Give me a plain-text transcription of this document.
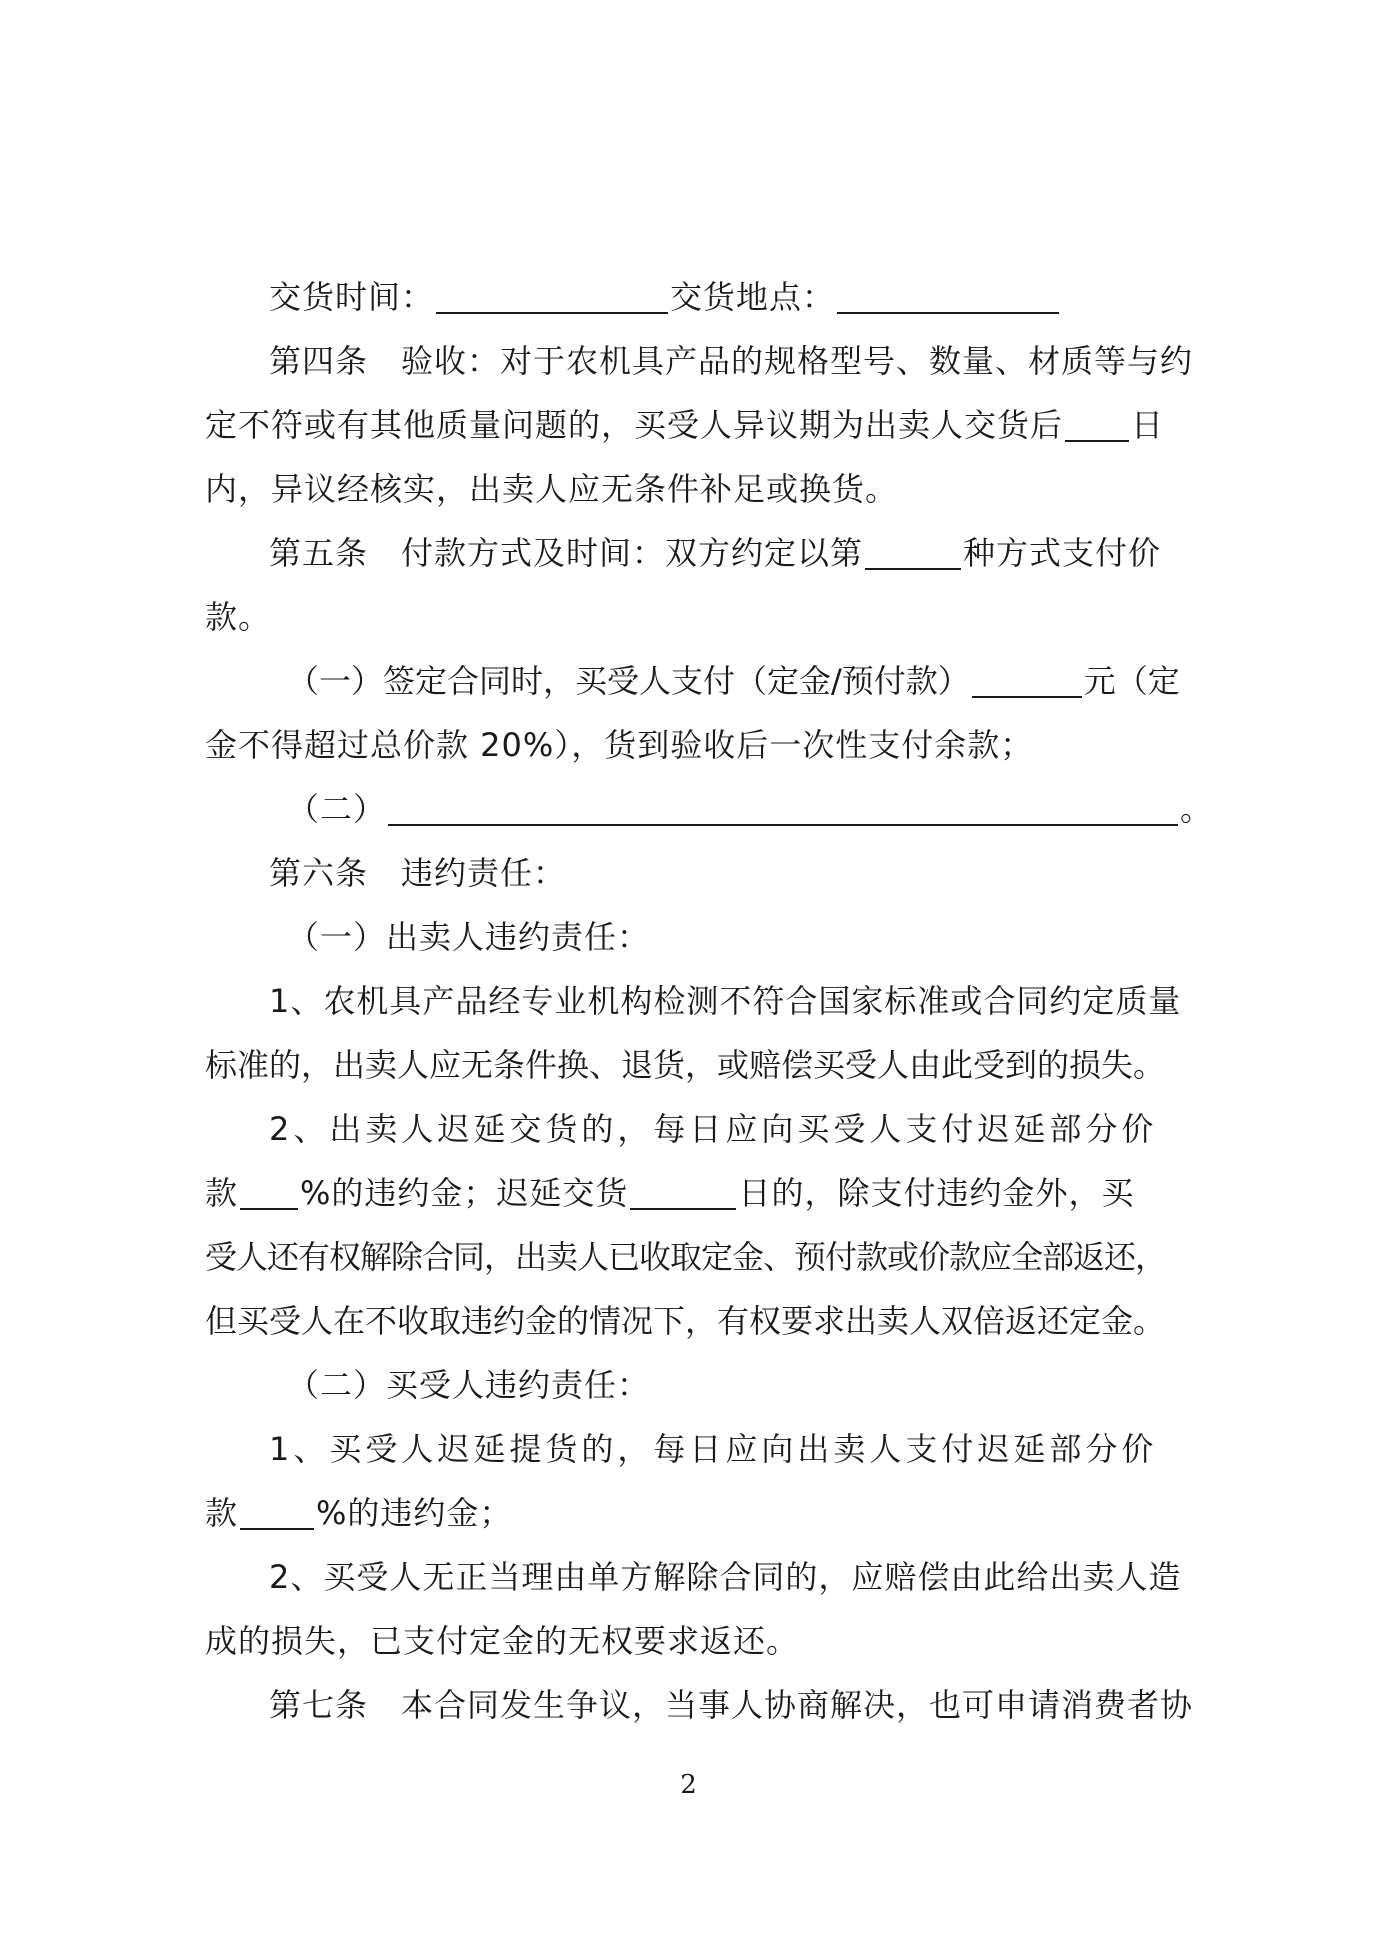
交货时间：	交货地点：
第四条　验收：对于农机具产品的规格型号、数量、材质等与约
定不符或有其他质量问题的，买受人异议期为出卖人交货后 日
内，异议经核实，出卖人应无条件补足或换货。
第五条　付款方式及时间：双方约定以第	种方式支付价
款。
（一）签定合同时，买受人支付（定金/预付款）	元（定
金不得超过总价款 20%），货到验收后一次性支付余款；
（二）	。
第六条　违约责任：
（一）出卖人违约责任：
1、农机具产品经专业机构检测不符合国家标准或合同约定质量
标准的，出卖人应无条件换、退货，或赔偿买受人由此受到的损失。
2、出卖人迟延交货的，每日应向买受人支付迟延部分价
款 %的违约金；迟延交货	日的，除支付违约金外，买
受人还有权解除合同，出卖人已收取定金、预付款或价款应全部返还，
但买受人在不收取违约金的情况下，有权要求出卖人双倍返还定金。
（二）买受人违约责任：
1、买受人迟延提货的，每日应向出卖人支付迟延部分价
款 %的违约金；
2、买受人无正当理由单方解除合同的，应赔偿由此给出卖人造
成的损失，已支付定金的无权要求返还。
第七条　本合同发生争议，当事人协商解决，也可申请消费者协
2
